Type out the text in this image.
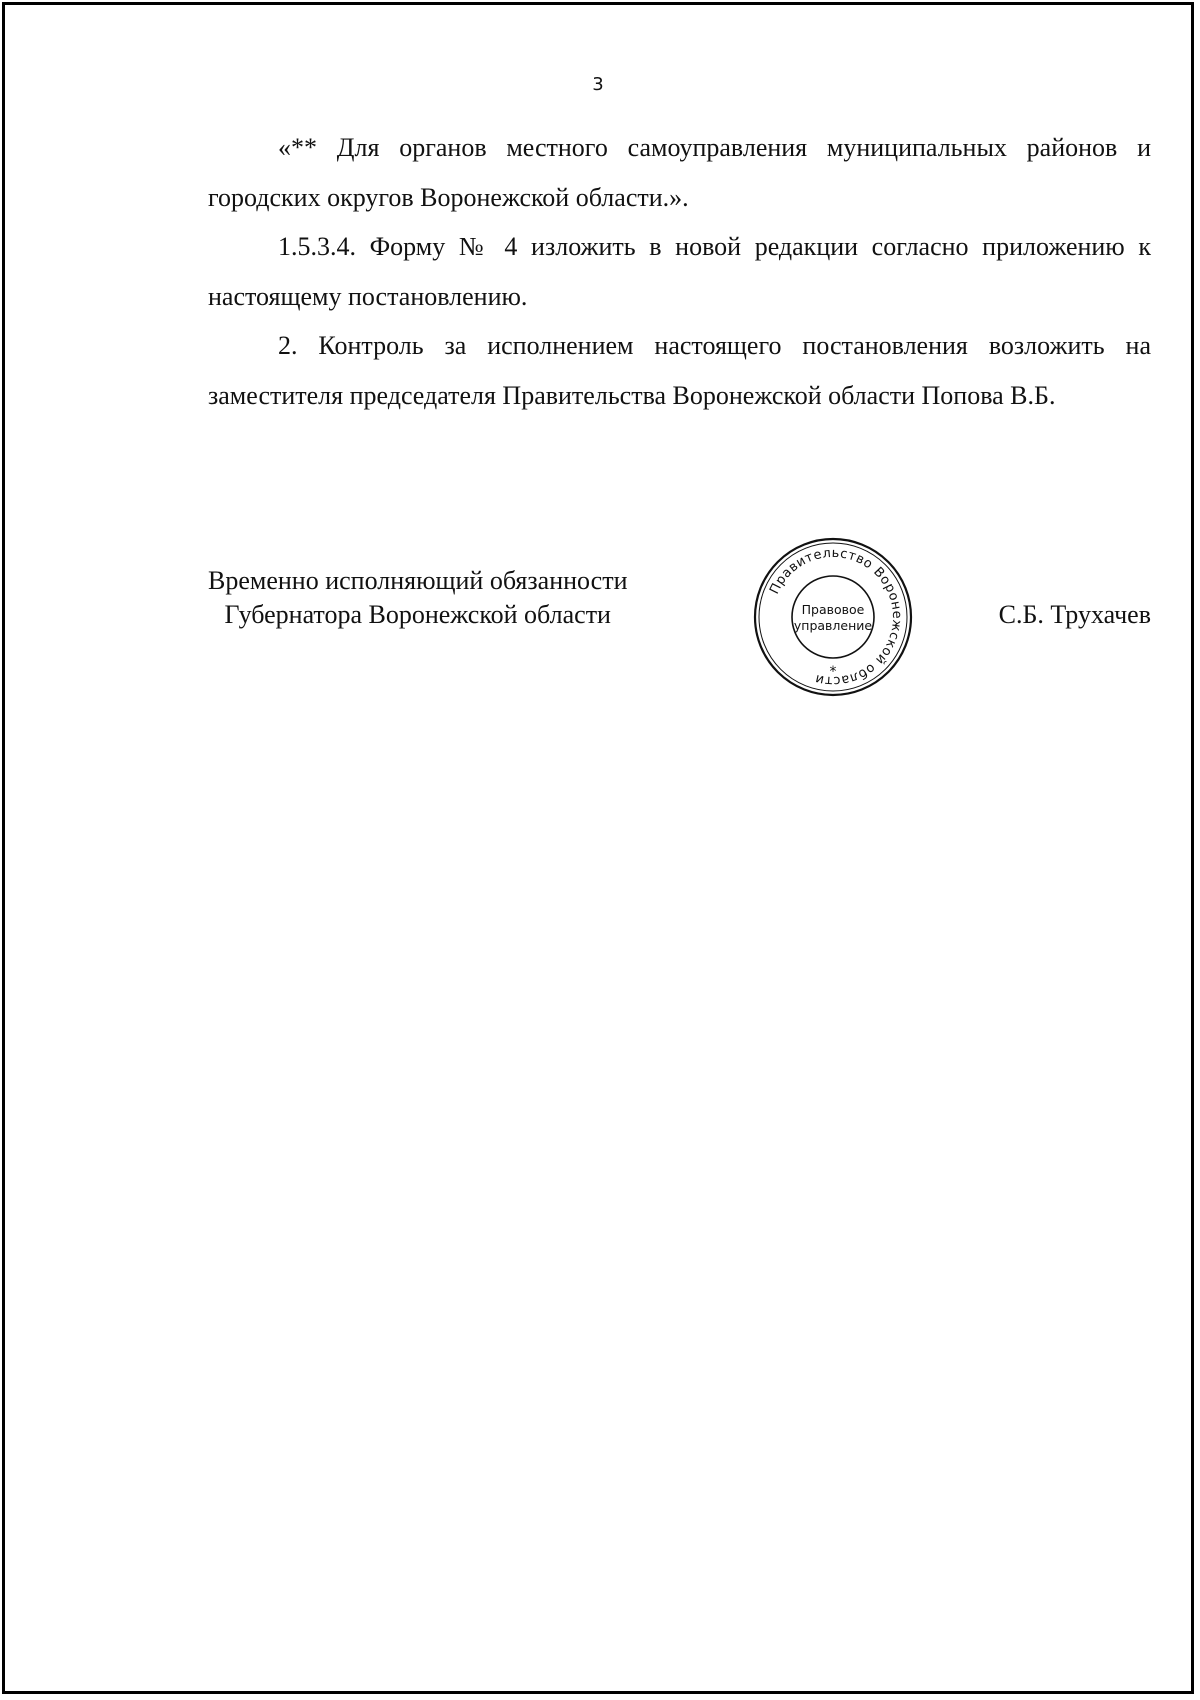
3

«** Для органов местного самоуправления муниципальных районов и городских округов Воронежской области.».

1.5.3.4. Форму № 4 изложить в новой редакции согласно приложению к настоящему постановлению.

2. Контроль за исполнением настоящего постановления возложить на заместителя председателя Правительства Воронежской области Попова В.Б.

Временно исполняющий обязанности
Губернатора Воронежской области
Правительство Воронежской области
Правовое
управление
*
С.Б. Трухачев
